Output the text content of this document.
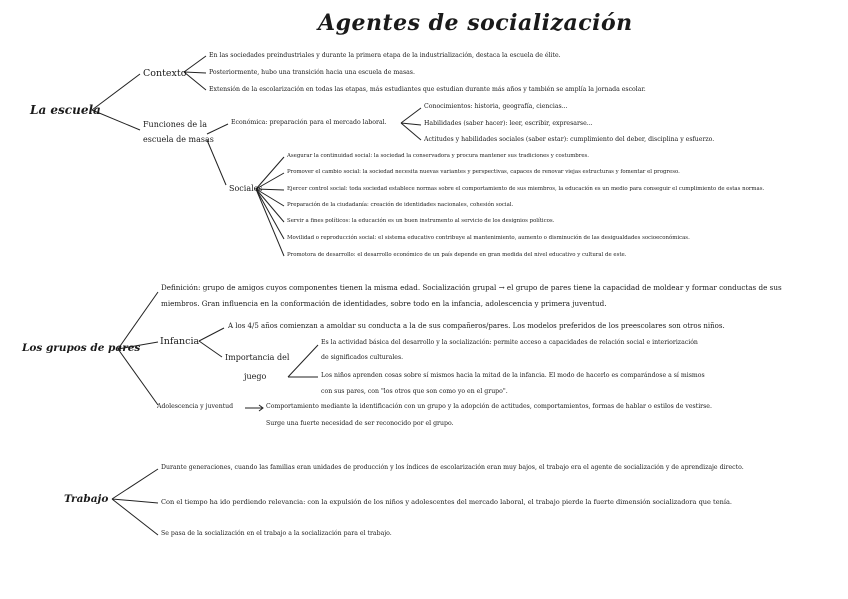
Agentes de socialización
La escuela
Contexto
En las sociedades preindustriales y durante la primera etapa de la industrialización, destaca la escuela de élite.
Posteriormente, hubo una transición hacia una escuela de masas.
Extensión de la escolarización en todas las etapas, más estudiantes que estudian durante más años y también se amplía la jornada escolar.
Funciones de la
escuela de masas
Económica: preparación para el mercado laboral.
Conocimientos: historia, geografía, ciencias...
Habilidades (saber hacer): leer, escribir, expresarse...
Actitudes y habilidades sociales (saber estar): cumplimiento del deber, disciplina y esfuerzo.
Sociales
Asegurar la continuidad social: la sociedad la conservadora y procura mantener sus tradiciones y costumbres.
Promover el cambio social: la sociedad necesita nuevas variantes y perspectivas, capaces de renovar viejas estructuras y fomentar el progreso.
Ejercer control social: toda sociedad establece normas sobre el comportamiento de sus miembros, la educación es un medio para conseguir el cumplimiento de estas normas.
Preparación de la ciudadanía: creación de identidades nacionales, cohesión social.
Servir a fines políticos: la educación es un buen instrumento al servicio de los designios políticos.
Movilidad o reproducción social: el sistema educativo contribuye al mantenimiento, aumento o disminución de las desigualdades socioeconómicas.
Promotora de desarrollo: el desarrollo económico de un país depende en gran medida del nivel educativo y cultural de este.
Los grupos de pares
Definición: grupo de amigos cuyos componentes tienen la misma edad. Socialización grupal → el grupo de pares tiene la capacidad de moldear y formar conductas de sus
miembros. Gran influencia en la conformación de identidades, sobre todo en la infancia, adolescencia y primera juventud.
Infancia
A los 4/5 años comienzan a amoldar su conducta a la de sus compañeros/pares. Los modelos preferidos de los preescolares son otros niños.
Importancia del
juego
Es la actividad básica del desarrollo y la socialización: permite acceso a capacidades de relación social e interiorización
de significados culturales.
Los niños aprenden cosas sobre sí mismos hacia la mitad de la infancia. El modo de hacerlo es comparándose a sí mismos
con sus pares, con "los otros que son como yo en el grupo".
Adolescencia y juventud	Comportamiento mediante la identificación con un grupo y la adopción de actitudes, comportamientos, formas de hablar o estilos de vestirse.
Surge una fuerte necesidad de ser reconocido por el grupo.
Trabajo
Durante generaciones, cuando las familias eran unidades de producción y los índices de escolarización eran muy bajos, el trabajo era el agente de socialización y de aprendizaje directo.
Con el tiempo ha ido perdiendo relevancia: con la expulsión de los niños y adolescentes del mercado laboral, el trabajo pierde la fuerte dimensión socializadora que tenía.
Se pasa de la socialización en el trabajo a la socialización para el trabajo.
